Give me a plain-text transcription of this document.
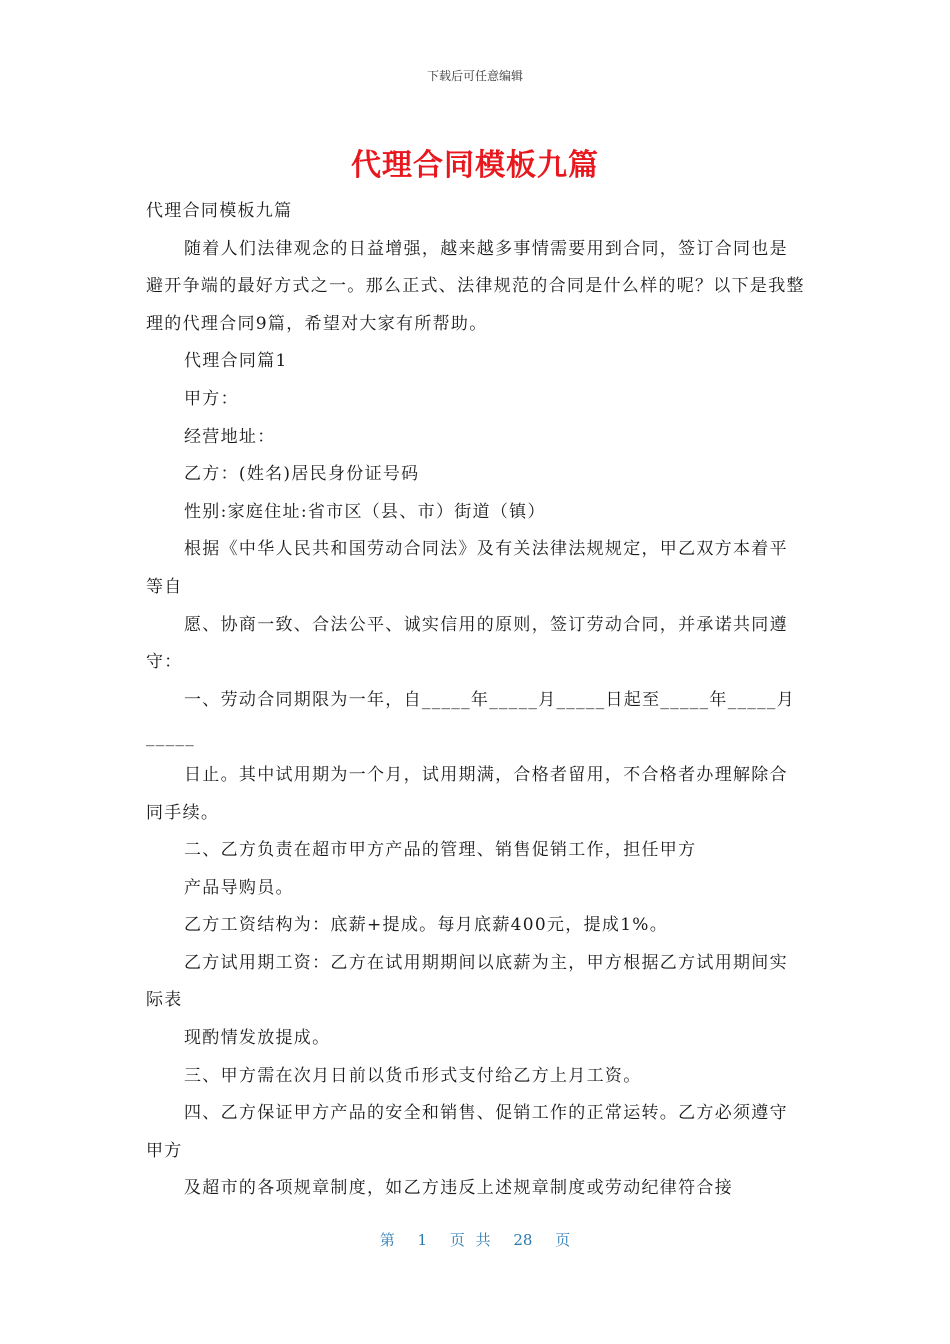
下载后可任意编辑
代理合同模板九篇

代理合同模板九篇

随着人们法律观念的日益增强，越来越多事情需要用到合同，签订合同也是避开争端的最好方式之一。那么正式、法律规范的合同是什么样的呢？以下是我整理的代理合同9篇，希望对大家有所帮助。

代理合同篇1

甲方：

经营地址：

乙方：(姓名)居民身份证号码

性别:家庭住址:省市区（县、市）街道（镇）

根据《中华人民共和国劳动合同法》及有关法律法规规定，甲乙双方本着平等自

愿、协商一致、合法公平、诚实信用的原则，签订劳动合同，并承诺共同遵守：

一、劳动合同期限为一年，自_____年_____月_____日起至_____年_____月_____

日止。其中试用期为一个月，试用期满，合格者留用，不合格者办理解除合同手续。

二、乙方负责在超市甲方产品的管理、销售促销工作，担任甲方

产品导购员。

乙方工资结构为：底薪+提成。每月底薪400元，提成1%。

乙方试用期工资：乙方在试用期期间以底薪为主，甲方根据乙方试用期间实际表

现酌情发放提成。

三、甲方需在次月日前以货币形式支付给乙方上月工资。

四、乙方保证甲方产品的安全和销售、促销工作的正常运转。乙方必须遵守甲方

及超市的各项规章制度，如乙方违反上述规章制度或劳动纪律符合接

第 1 页 共 28 页
